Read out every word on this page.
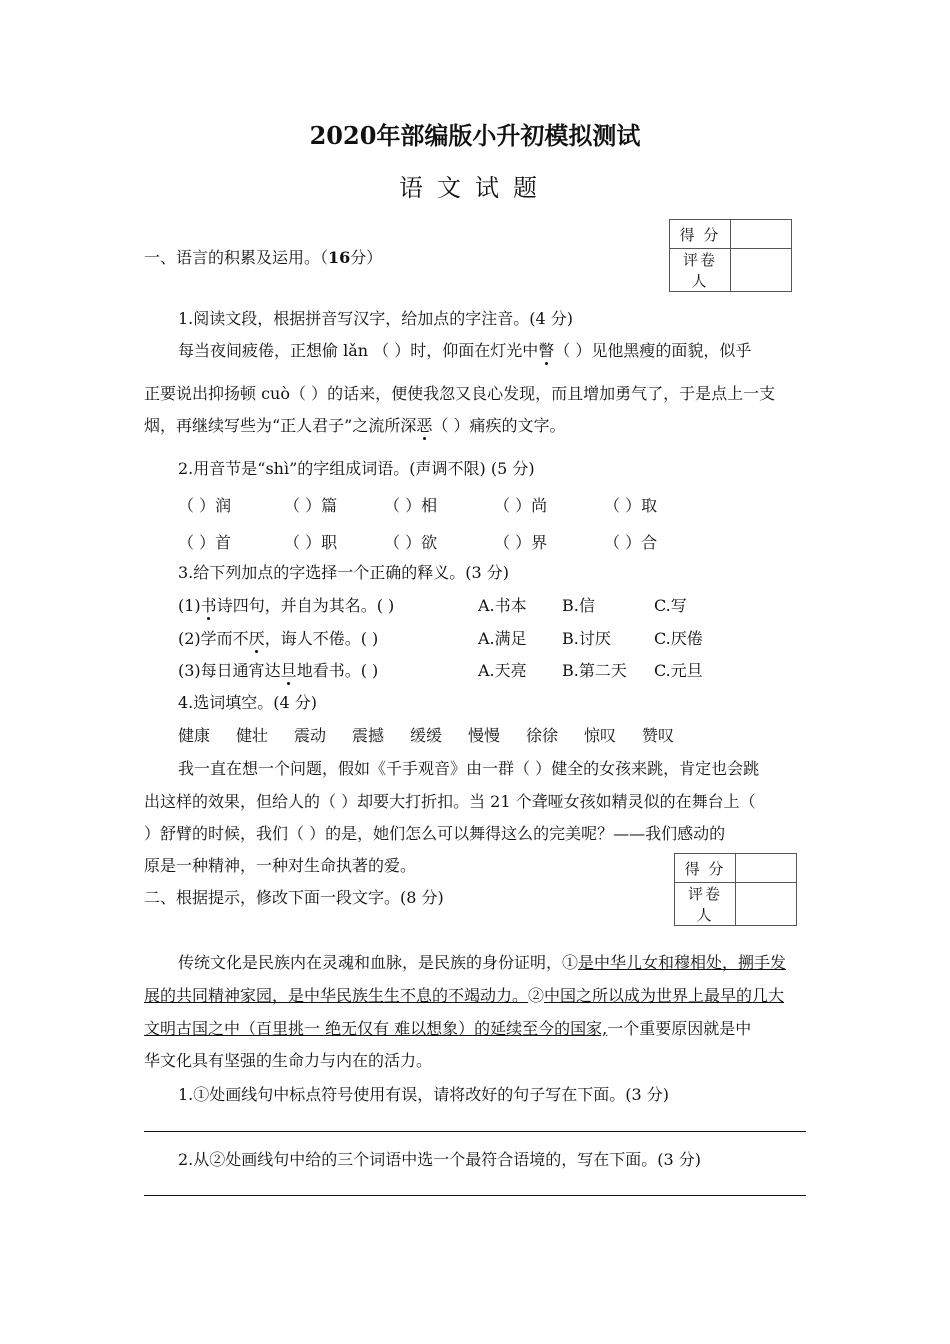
2020年部编版小升初模拟测试
语文试题
得 分	
评卷人	
一、语言的积累及运用。（16分）
1.阅读文段，根据拼音写汉字，给加点的字注音。(4 分)
每当夜间疲倦，正想偷 lǎn （ ）时，仰面在灯光中瞥（ ）见他黑瘦的面貌，似乎
正要说出抑扬顿 cuò（ ）的话来，便使我忽又良心发现，而且增加勇气了，于是点上一支
烟，再继续写些为“正人君子”之流所深恶（ ）痛疾的文字。
2.用音节是“shì”的字组成词语。(声调不限) (5 分)
（ ）润	（ ）篇	（ ）相	（ ）尚	（ ）取
（ ）首	（ ）职	（ ）欲	（ ）界	（ ）合
3.给下列加点的字选择一个正确的释义。(3 分)
(1)书诗四句，并自为其名。( )	A.书本 B.信	C.写
(2)学而不厌，诲人不倦。( )	A.满足 B.讨厌	C.厌倦
(3)每日通宵达旦地看书。( )	A.天亮 B.第二天 C.元旦
4.选词填空。(4 分)
健康 健壮 震动 震撼 缓缓 慢慢 徐徐 惊叹 赞叹
我一直在想一个问题，假如《千手观音》由一群（ ）健全的女孩来跳，肯定也会跳
出这样的效果，但给人的（ ）却要大打折扣。当 21 个聋哑女孩如精灵似的在舞台上（
）舒臂的时候，我们（ ）的是，她们怎么可以舞得这么的完美呢？——我们感动的
原是一种精神，一种对生命执著的爱。	得 分	
评卷人	
二、根据提示，修改下面一段文字。(8 分)
传统文化是民族内在灵魂和血脉，是民族的身份证明，①是中华儿女和穆相处，搠手发
展的共同精神家园，是中华民族生生不息的不竭动力。②中国之所以成为世界上最早的几大
文明古国之中（百里挑一 绝无仅有 难以想象）的延续至今的国家,一个重要原因就是中
华文化具有坚强的生命力与内在的活力。
1.①处画线句中标点符号使用有误，请将改好的句子写在下面。(3 分)
2.从②处画线句中给的三个词语中选一个最符合语境的，写在下面。(3 分)
